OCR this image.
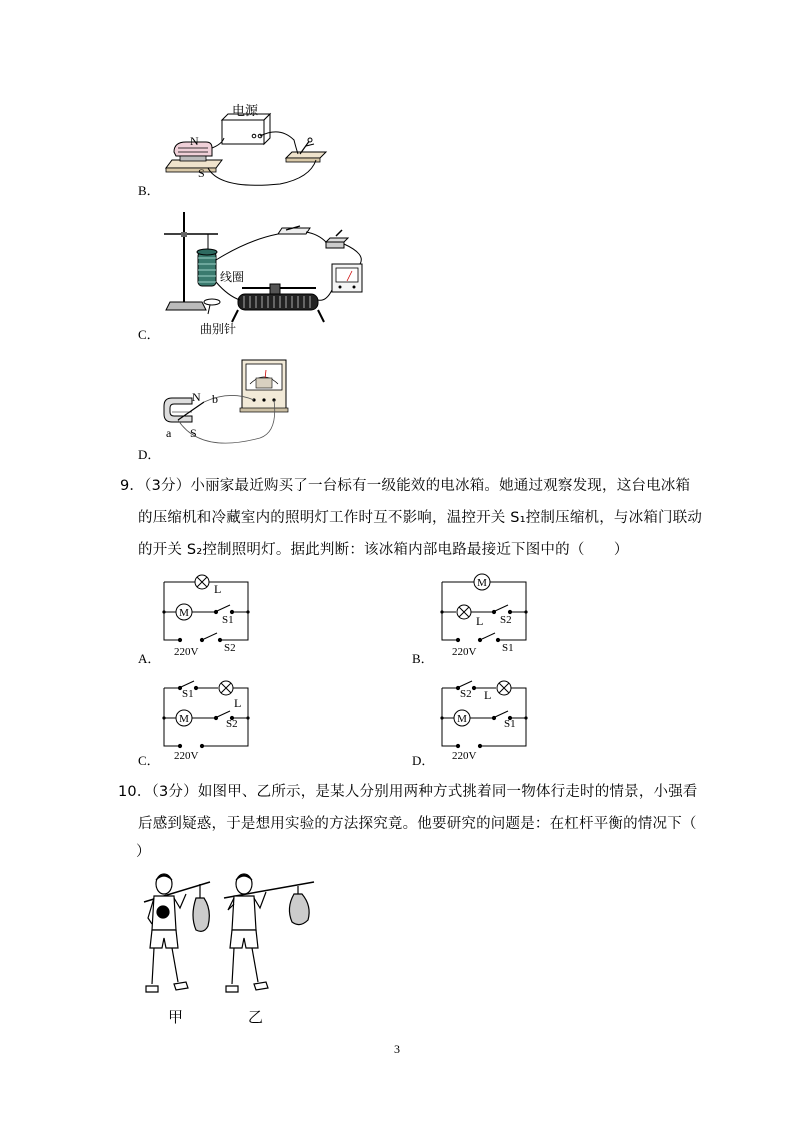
电源
N
S
B．
线圈
曲别针
C．
N b
a S
D．
9．（3分）小丽家最近购买了一台标有一级能效的电冰箱。她通过观察发现，这台电冰箱
的压缩机和冷藏室内的照明灯工作时互不影响，温控开关 S₁控制压缩机，与冰箱门联动
的开关 S₂控制照明灯。据此判断：该冰箱内部电路最接近下图中的（　　）
M
L
S1
S2
220V
A．
M
L S2
S1
220V
B．
M
S1
L
S2
220V
C．
M
S2 L
S1
220V
D．
10．（3分）如图甲、乙所示，是某人分别用两种方式挑着同一物体行走时的情景，小强看
后感到疑惑，于是想用实验的方法探究竟。他要研究的问题是：在杠杆平衡的情况下（
）
甲	乙
3
